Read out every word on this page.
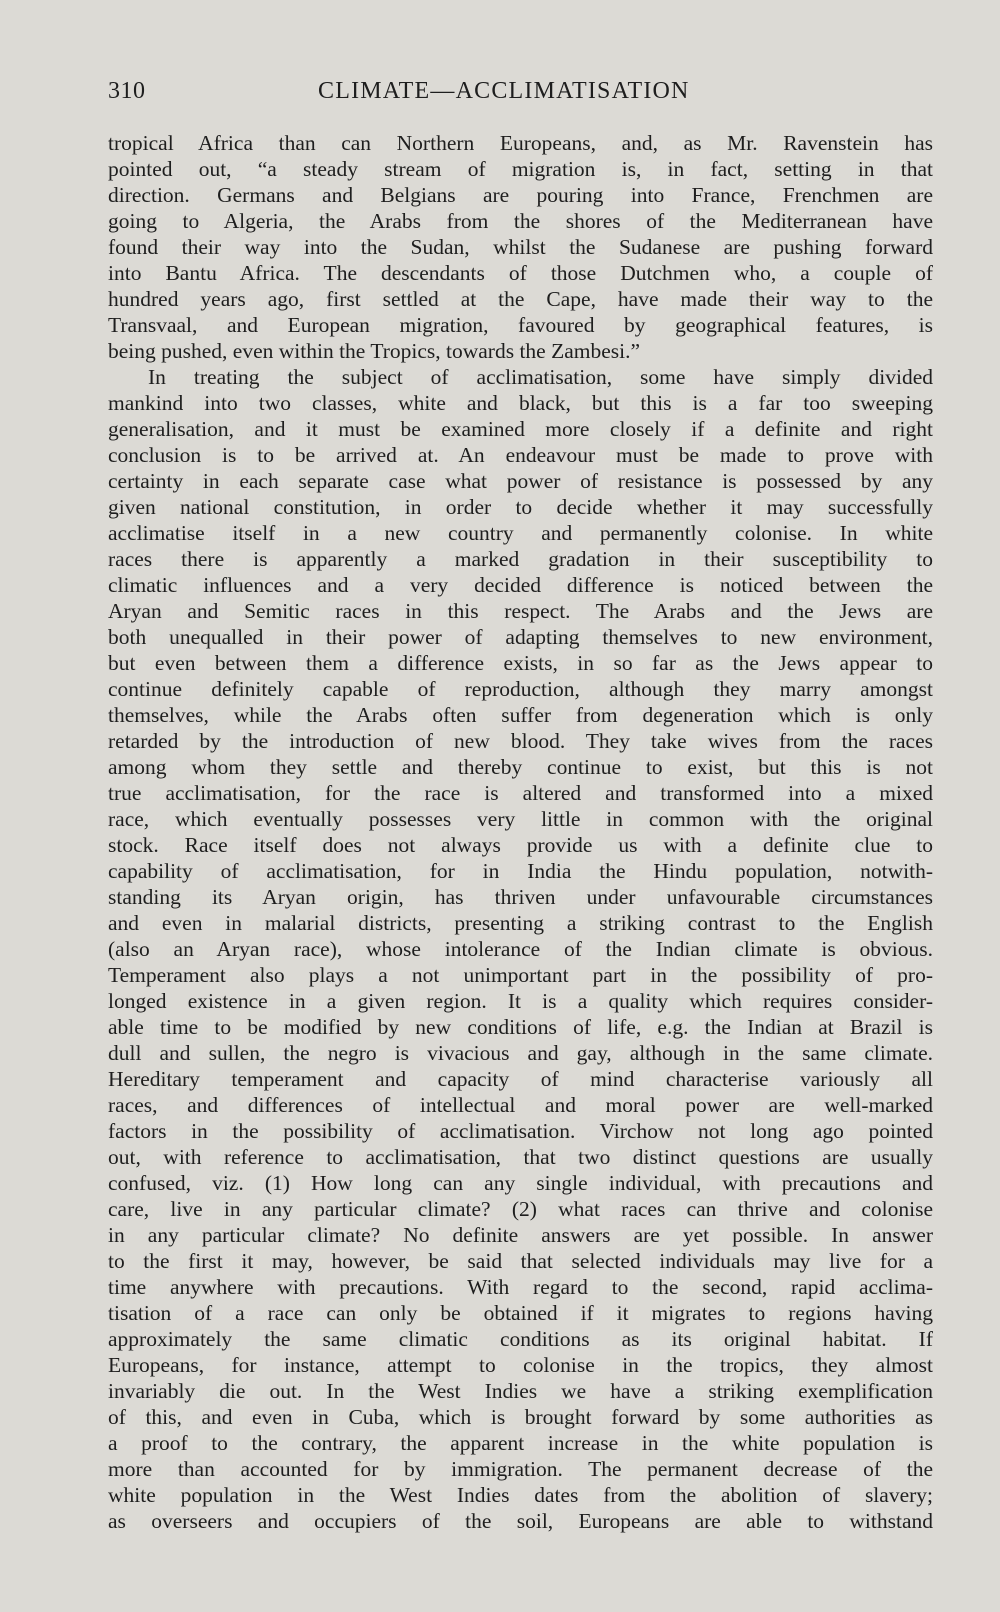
310	CLIMATE—ACCLIMATISATION
tropical Africa than can Northern Europeans, and, as Mr. Ravenstein has
pointed out, “a steady stream of migration is, in fact, setting in that
direction. Germans and Belgians are pouring into France, Frenchmen are
going to Algeria, the Arabs from the shores of the Mediterranean have
found their way into the Sudan, whilst the Sudanese are pushing forward
into Bantu Africa. The descendants of those Dutchmen who, a couple of
hundred years ago, first settled at the Cape, have made their way to the
Transvaal, and European migration, favoured by geographical features, is
being pushed, even within the Tropics, towards the Zambesi.”
In treating the subject of acclimatisation, some have simply divided
mankind into two classes, white and black, but this is a far too sweeping
generalisation, and it must be examined more closely if a definite and right
conclusion is to be arrived at. An endeavour must be made to prove with
certainty in each separate case what power of resistance is possessed by any
given national constitution, in order to decide whether it may successfully
acclimatise itself in a new country and permanently colonise. In white
races there is apparently a marked gradation in their susceptibility to
climatic influences and a very decided difference is noticed between the
Aryan and Semitic races in this respect. The Arabs and the Jews are
both unequalled in their power of adapting themselves to new environment,
but even between them a difference exists, in so far as the Jews appear to
continue definitely capable of reproduction, although they marry amongst
themselves, while the Arabs often suffer from degeneration which is only
retarded by the introduction of new blood. They take wives from the races
among whom they settle and thereby continue to exist, but this is not
true acclimatisation, for the race is altered and transformed into a mixed
race, which eventually possesses very little in common with the original
stock. Race itself does not always provide us with a definite clue to
capability of acclimatisation, for in India the Hindu population, notwith-
standing its Aryan origin, has thriven under unfavourable circumstances
and even in malarial districts, presenting a striking contrast to the English
(also an Aryan race), whose intolerance of the Indian climate is obvious.
Temperament also plays a not unimportant part in the possibility of pro-
longed existence in a given region. It is a quality which requires consider-
able time to be modified by new conditions of life, e.g. the Indian at Brazil is
dull and sullen, the negro is vivacious and gay, although in the same climate.
Hereditary temperament and capacity of mind characterise variously all
races, and differences of intellectual and moral power are well-marked
factors in the possibility of acclimatisation. Virchow not long ago pointed
out, with reference to acclimatisation, that two distinct questions are usually
confused, viz. (1) How long can any single individual, with precautions and
care, live in any particular climate? (2) what races can thrive and colonise
in any particular climate? No definite answers are yet possible. In answer
to the first it may, however, be said that selected individuals may live for a
time anywhere with precautions. With regard to the second, rapid acclima-
tisation of a race can only be obtained if it migrates to regions having
approximately the same climatic conditions as its original habitat. If
Europeans, for instance, attempt to colonise in the tropics, they almost
invariably die out. In the West Indies we have a striking exemplification
of this, and even in Cuba, which is brought forward by some authorities as
a proof to the contrary, the apparent increase in the white population is
more than accounted for by immigration. The permanent decrease of the
white population in the West Indies dates from the abolition of slavery;
as overseers and occupiers of the soil, Europeans are able to withstand
